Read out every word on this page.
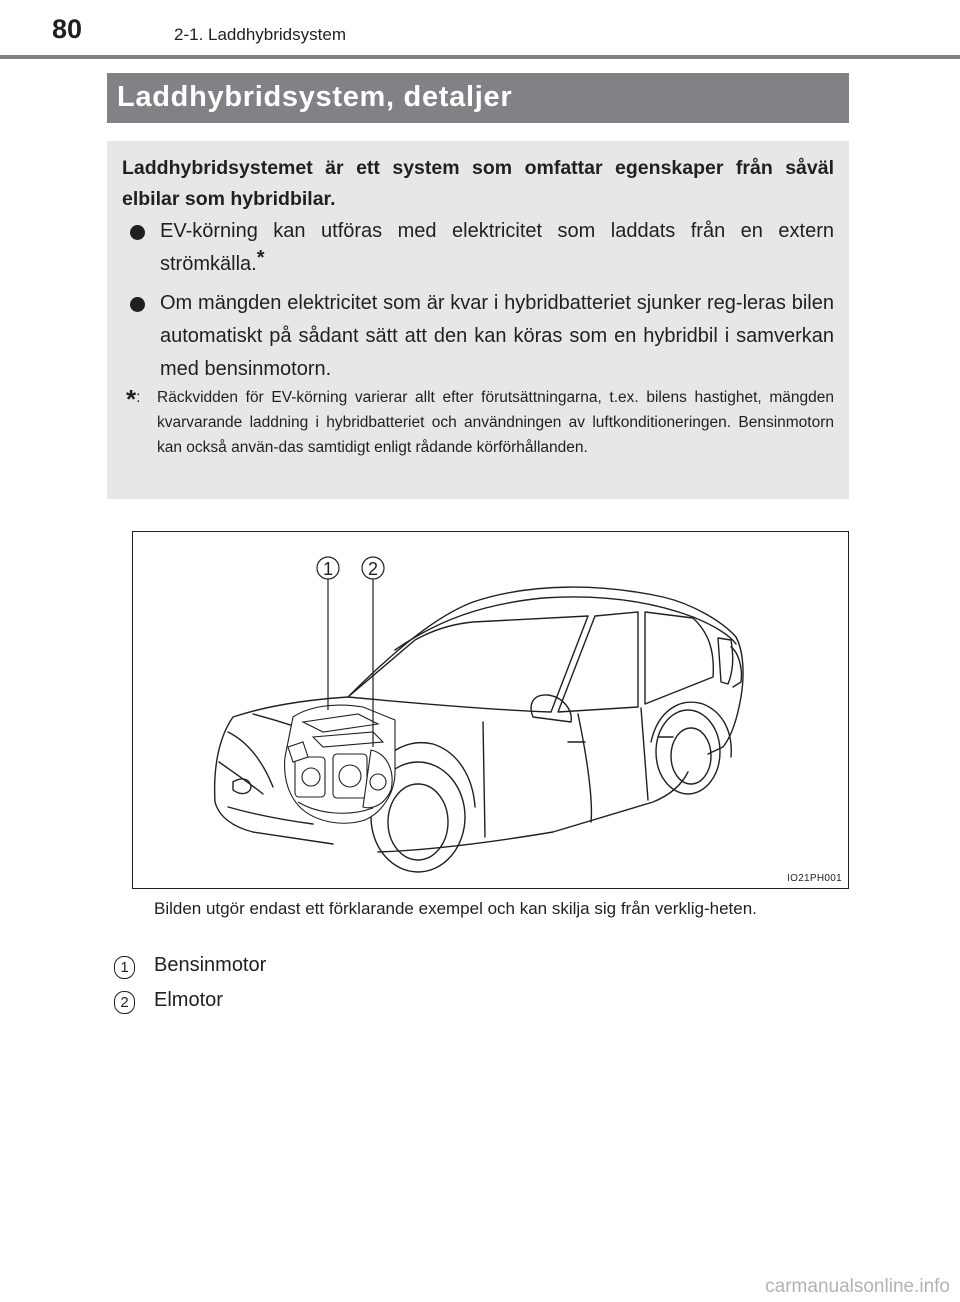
80	2-1. Laddhybridsystem
Laddhybridsystem, detaljer
Laddhybridsystemet är ett system som omfattar egenskaper från såväl elbilar som hybridbilar.
EV-körning kan utföras med elektricitet som laddats från en extern strömkälla.*
Om mängden elektricitet som är kvar i hybridbatteriet sjunker reg-leras bilen automatiskt på sådant sätt att den kan köras som en hybridbil i samverkan med bensinmotorn.
*:	Räckvidden för EV-körning varierar allt efter förutsättningarna, t.ex. bilens hastighet, mängden kvarvarande laddning i hybridbatteriet och användningen av luftkonditioneringen. Bensinmotorn kan också använ-das samtidigt enligt rådande körförhållanden.
1 2
IO21PH001
Bilden utgör endast ett förklarande exempel och kan skilja sig från verklig-heten.
1	Bensinmotor
2	Elmotor
carmanualsonline.info
